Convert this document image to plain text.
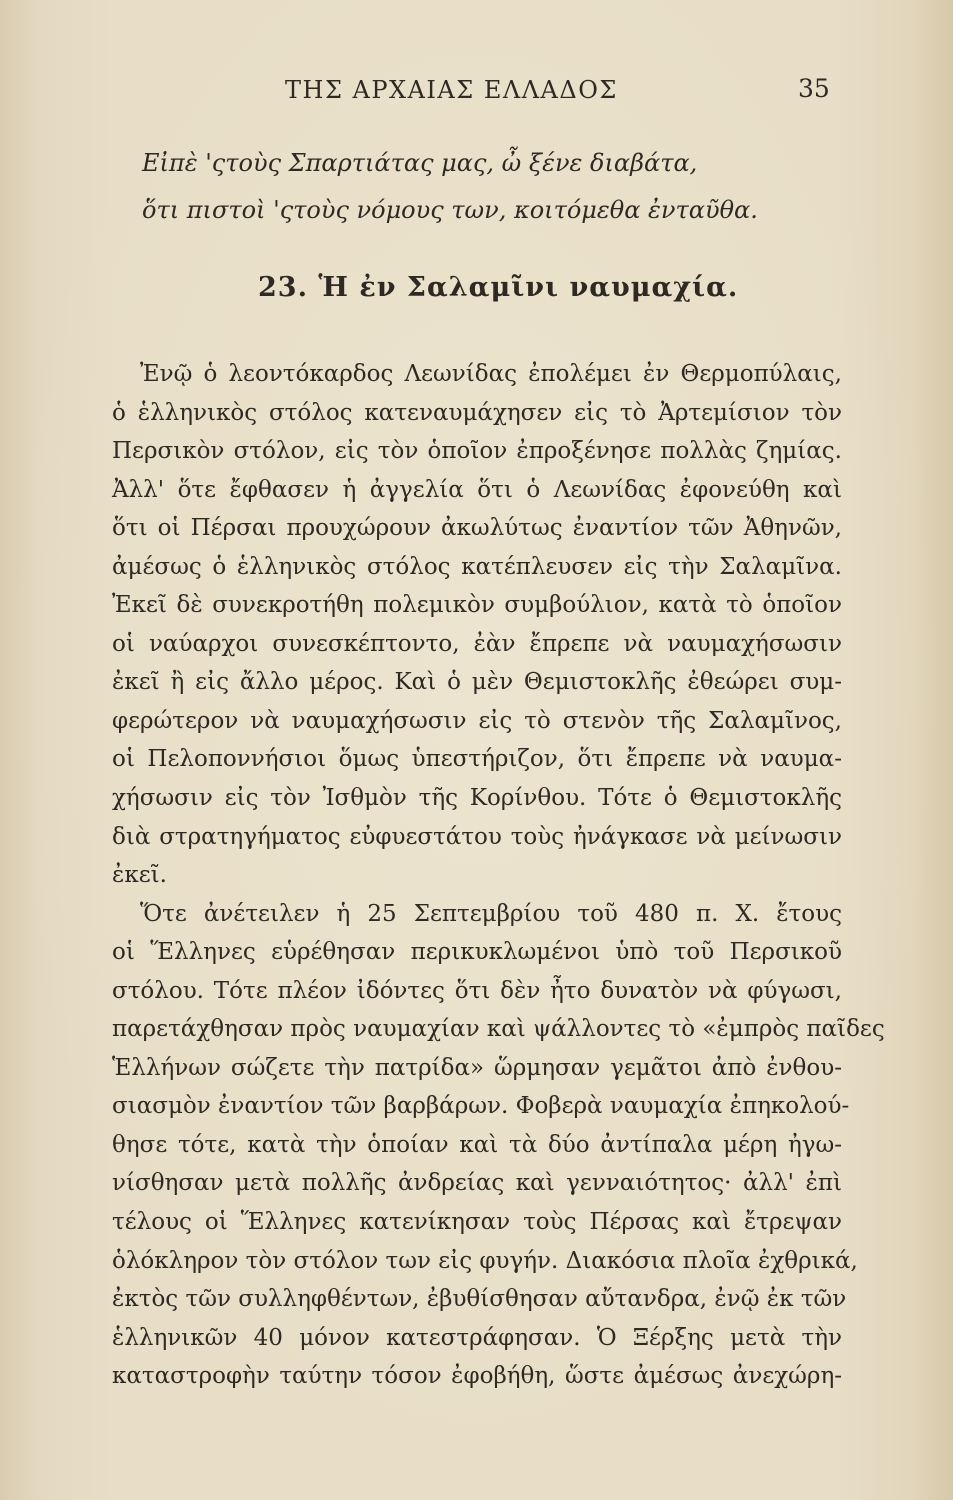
ΤΗΣ ΑΡΧΑΙΑΣ ΕΛΛΑΔΟΣ	35
Εἰπὲ 'ςτοὺς Σπαρτιάτας μας, ὦ ξένε διαβάτα,
ὅτι πιστοὶ 'ςτοὺς νόμους των, κοιτόμεθα ἐνταῦθα.
23. Ἡ ἐν Σαλαμῖνι ναυμαχία.
Ἐνῷ ὁ λεοντόκαρδος Λεωνίδας ἐπολέμει ἐν Θερμοπύλαις,
ὁ ἑλληνικὸς στόλος κατεναυμάχησεν εἰς τὸ Ἀρτεμίσιον τὸν
Περσικὸν στόλον, εἰς τὸν ὁποῖον ἐπροξένησε πολλὰς ζημίας.
Ἀλλ' ὅτε ἔφθασεν ἡ ἀγγελία ὅτι ὁ Λεωνίδας ἐφονεύθη καὶ
ὅτι οἱ Πέρσαι προυχώρουν ἀκωλύτως ἐναντίον τῶν Ἀθηνῶν,
ἀμέσως ὁ ἑλληνικὸς στόλος κατέπλευσεν εἰς τὴν Σαλαμῖνα.
Ἐκεῖ δὲ συνεκροτήθη πολεμικὸν συμβούλιον, κατὰ τὸ ὁποῖον
οἱ ναύαρχοι συνεσκέπτοντο, ἐὰν ἔπρεπε νὰ ναυμαχήσωσιν
ἐκεῖ ἢ εἰς ἄλλο μέρος. Καὶ ὁ μὲν Θεμιστοκλῆς ἐθεώρει συμ-
φερώτερον νὰ ναυμαχήσωσιν εἰς τὸ στενὸν τῆς Σαλαμῖνος,
οἱ Πελοποννήσιοι ὅμως ὑπεστήριζον, ὅτι ἔπρεπε νὰ ναυμα-
χήσωσιν εἰς τὸν Ἰσθμὸν τῆς Κορίνθου. Τότε ὁ Θεμιστοκλῆς
διὰ στρατηγήματος εὐφυεστάτου τοὺς ἠνάγκασε νὰ μείνωσιν
ἐκεῖ.
Ὅτε ἀνέτειλεν ἡ 25 Σεπτεμβρίου τοῦ 480 π. Χ. ἔτους
οἱ Ἕλληνες εὑρέθησαν περικυκλωμένοι ὑπὸ τοῦ Περσικοῦ
στόλου. Τότε πλέον ἰδόντες ὅτι δὲν ἦτο δυνατὸν νὰ φύγωσι,
παρετάχθησαν πρὸς ναυμαχίαν καὶ ψάλλοντες τὸ «ἐμπρὸς παῖδες
Ἑλλήνων σώζετε τὴν πατρίδα» ὥρμησαν γεμᾶτοι ἀπὸ ἐνθου-
σιασμὸν ἐναντίον τῶν βαρβάρων. Φοβερὰ ναυμαχία ἐπηκολού-
θησε τότε, κατὰ τὴν ὁποίαν καὶ τὰ δύο ἀντίπαλα μέρη ἠγω-
νίσθησαν μετὰ πολλῆς ἀνδρείας καὶ γενναιότητος· ἀλλ' ἐπὶ
τέλους οἱ Ἕλληνες κατενίκησαν τοὺς Πέρσας καὶ ἔτρεψαν
ὁλόκληρον τὸν στόλον των εἰς φυγήν. Διακόσια πλοῖα ἐχθρικά,
ἐκτὸς τῶν συλληφθέντων, ἐβυθίσθησαν αὔτανδρα, ἐνῷ ἐκ τῶν
ἑλληνικῶν 40 μόνον κατεστράφησαν. Ὁ Ξέρξης μετὰ τὴν
καταστροφὴν ταύτην τόσον ἐφοβήθη, ὥστε ἀμέσως ἀνεχώρη-
